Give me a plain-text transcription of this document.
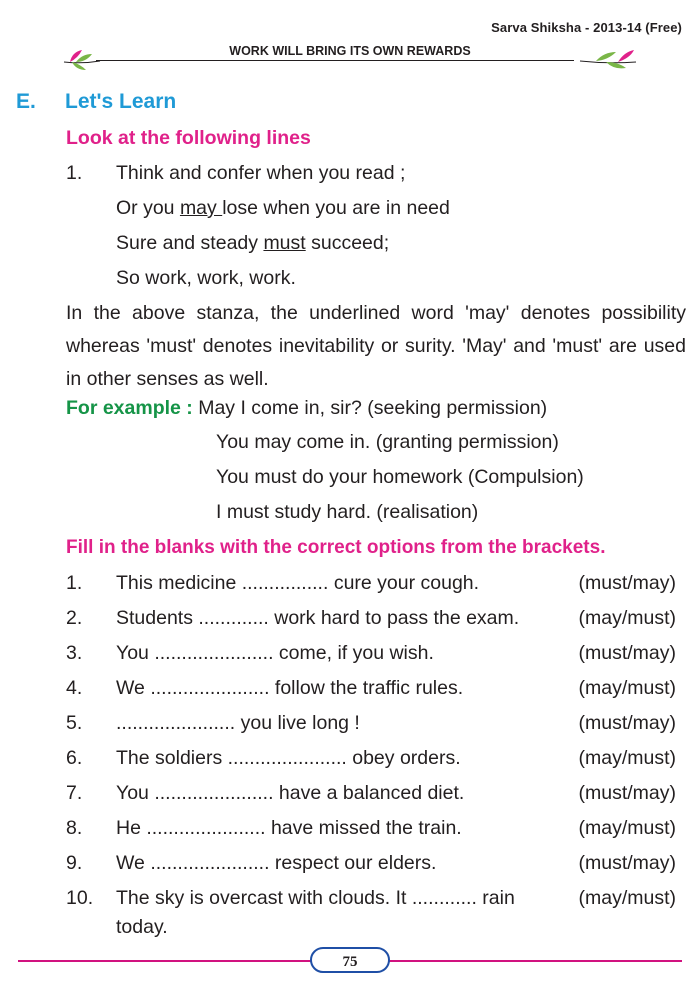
Sarva Shiksha - 2013-14 (Free)
WORK WILL BRING ITS OWN REWARDS
E. Let's Learn
Look at the following lines
1. Think and confer when you read ;
Or you may lose when you are in need
Sure and steady must succeed;
So work, work, work.
In the above stanza, the underlined word 'may' denotes possibility whereas 'must' denotes inevitability or surity. 'May' and 'must' are used in other senses as well.
For example : May I come in, sir? (seeking permission)
You may come in. (granting permission)
You must do your homework (Compulsion)
I must study hard. (realisation)
Fill in the blanks with the correct options from the brackets.
1. This medicine ................ cure your cough.	(must/may)
2. Students ............. work hard to pass the exam.	(may/must)
3. You ...................... come, if you wish.	(must/may)
4. We ...................... follow the traffic rules.	(may/must)
5. ...................... you live long !	(must/may)
6. The soldiers ...................... obey orders.	(may/must)
7. You ...................... have a balanced diet.	(must/may)
8. He ...................... have missed the train.	(may/must)
9. We ...................... respect our elders.	(must/may)
10. The sky is overcast with clouds. It ............ rain	(may/must)
today.
75
